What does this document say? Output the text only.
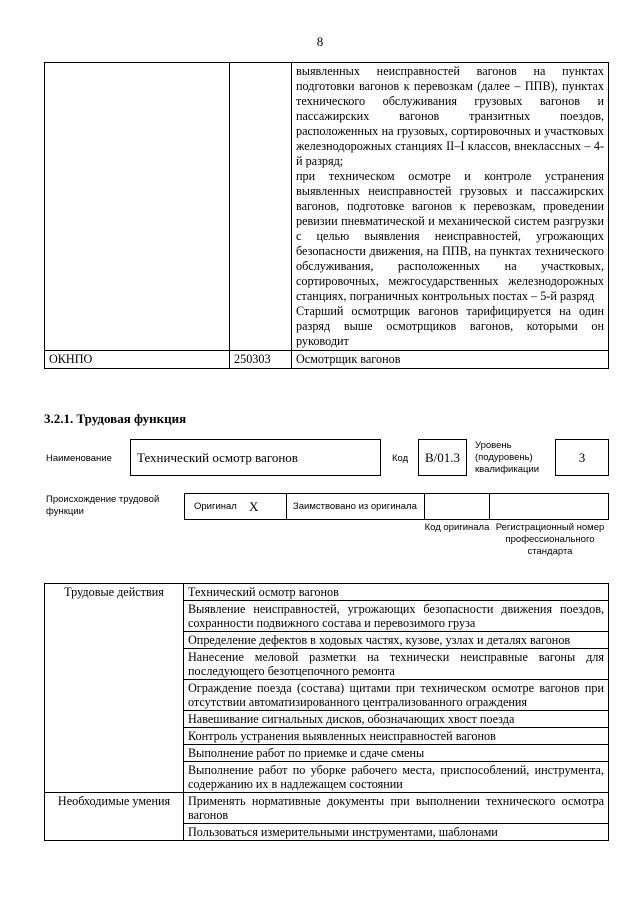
8

		выявленных неисправностей вагонов на пунктах подготовки вагонов к перевозкам (далее – ППВ), пунктах технического обслуживания грузовых вагонов и пассажирских вагонов транзитных поездов, расположенных на грузовых, сортировочных и участковых железнодорожных станциях II–I классов, внеклассных – 4-й разряд;
при техническом осмотре и контроле устранения выявленных неисправностей грузовых и пассажирских вагонов, подготовке вагонов к перевозкам, проведении ревизии пневматической и механической систем разгрузки с целью выявления неисправностей, угрожающих безопасности движения, на ППВ, на пунктах технического обслуживания, расположенных на участковых, сортировочных, межгосударственных железнодорожных станциях, пограничных контрольных постах – 5-й разряд
Старший осмотрщик вагонов тарифицируется на один разряд выше осмотрщиков вагонов, которыми он руководит

ОКНПО	250303	Осмотрщик вагонов
3.2.1. Трудовая функция
Наименование Технический осмотр вагонов	Код	B/01.3
Уровень (подуровень) квалификации
3
Происхождение трудовой функции	Оригинал X	Заимствовано из оригинала
Код оригинала Регистрационный номер профессионального стандарта
Трудовые действия	Технический осмотр вагонов
	Выявление неисправностей, угрожающих безопасности движения поездов, сохранности подвижного состава и перевозимого груза
	Определение дефектов в ходовых частях, кузове, узлах и деталях вагонов
	Нанесение меловой разметки на технически неисправные вагоны для последующего безотцепочного ремонта
	Ограждение поезда (состава) щитами при техническом осмотре вагонов при отсутствии автоматизированного централизованного ограждения
	Навешивание сигнальных дисков, обозначающих хвост поезда
	Контроль устранения выявленных неисправностей вагонов
	Выполнение работ по приемке и сдаче смены
	Выполнение работ по уборке рабочего места, приспособлений, инструмента, содержанию их в надлежащем состоянии
Необходимые умения	Применять нормативные документы при выполнении технического осмотра вагонов
	Пользоваться измерительными инструментами, шаблонами
